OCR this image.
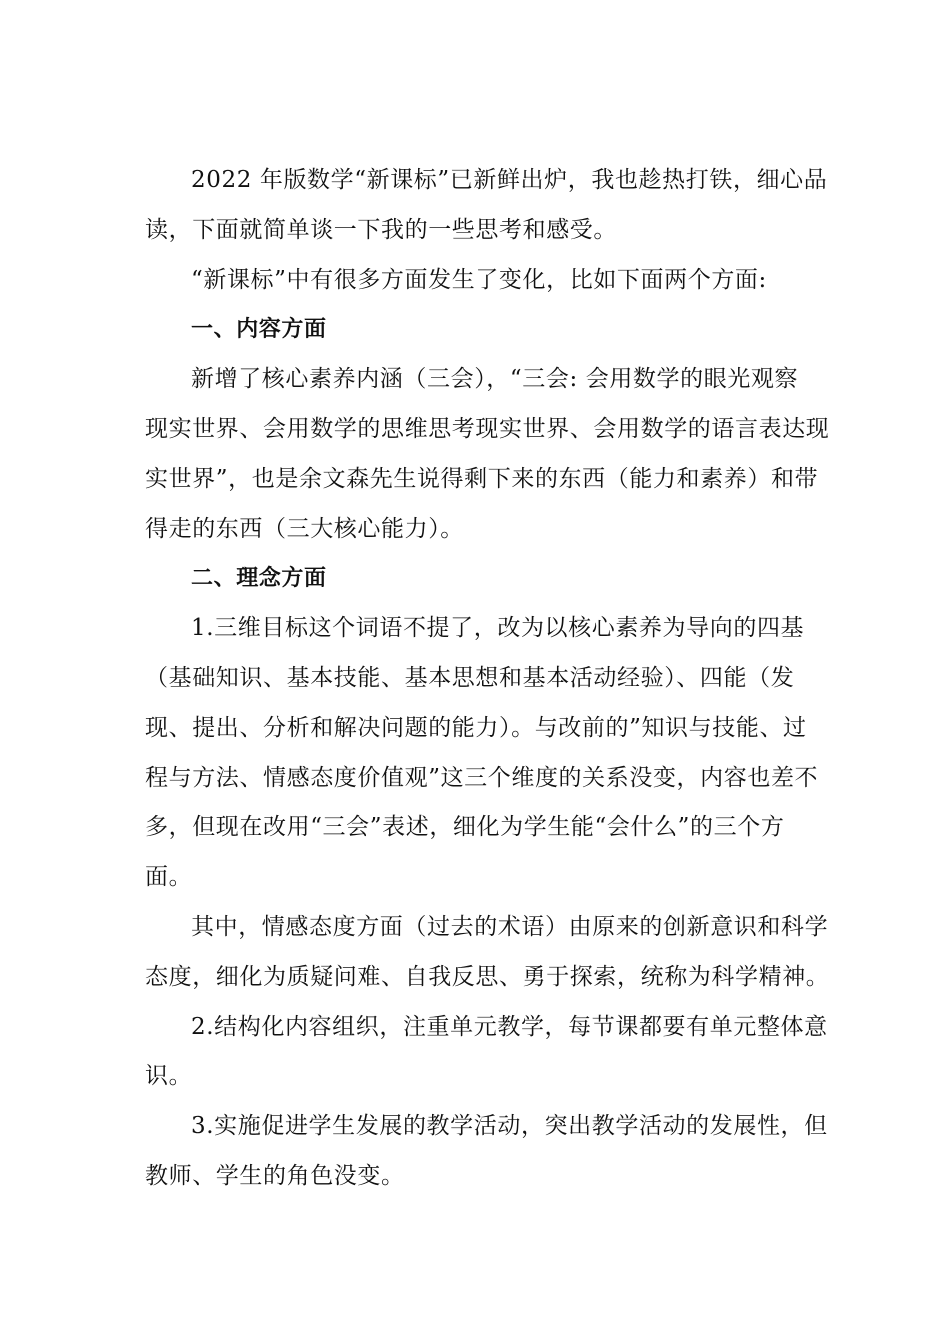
2022 年版数学“新课标”已新鲜出炉，我也趁热打铁，细心品
读，下面就简单谈一下我的一些思考和感受。

“新课标”中有很多方面发生了变化，比如下面两个方面:

一、内容方面

新增了核心素养内涵（三会），“三会: 会用数学的眼光观察
现实世界、会用数学的思维思考现实世界、会用数学的语言表达现
实世界”，也是余文森先生说得剩下来的东西（能力和素养）和带
得走的东西（三大核心能力）。

二、理念方面

1.三维目标这个词语不提了，改为以核心素养为导向的四基
（基础知识、基本技能、基本思想和基本活动经验）、四能（发
现、提出、分析和解决问题的能力）。与改前的”知识与技能、过
程与方法、情感态度价值观”这三个维度的关系没变，内容也差不
多，但现在改用“三会”表述，细化为学生能“会什么”的三个方
面。

其中，情感态度方面（过去的术语）由原来的创新意识和科学
态度，细化为质疑问难、自我反思、勇于探索，统称为科学精神。

2.结构化内容组织，注重单元教学，每节课都要有单元整体意
识。

3.实施促进学生发展的教学活动，突出教学活动的发展性，但
教师、学生的角色没变。
